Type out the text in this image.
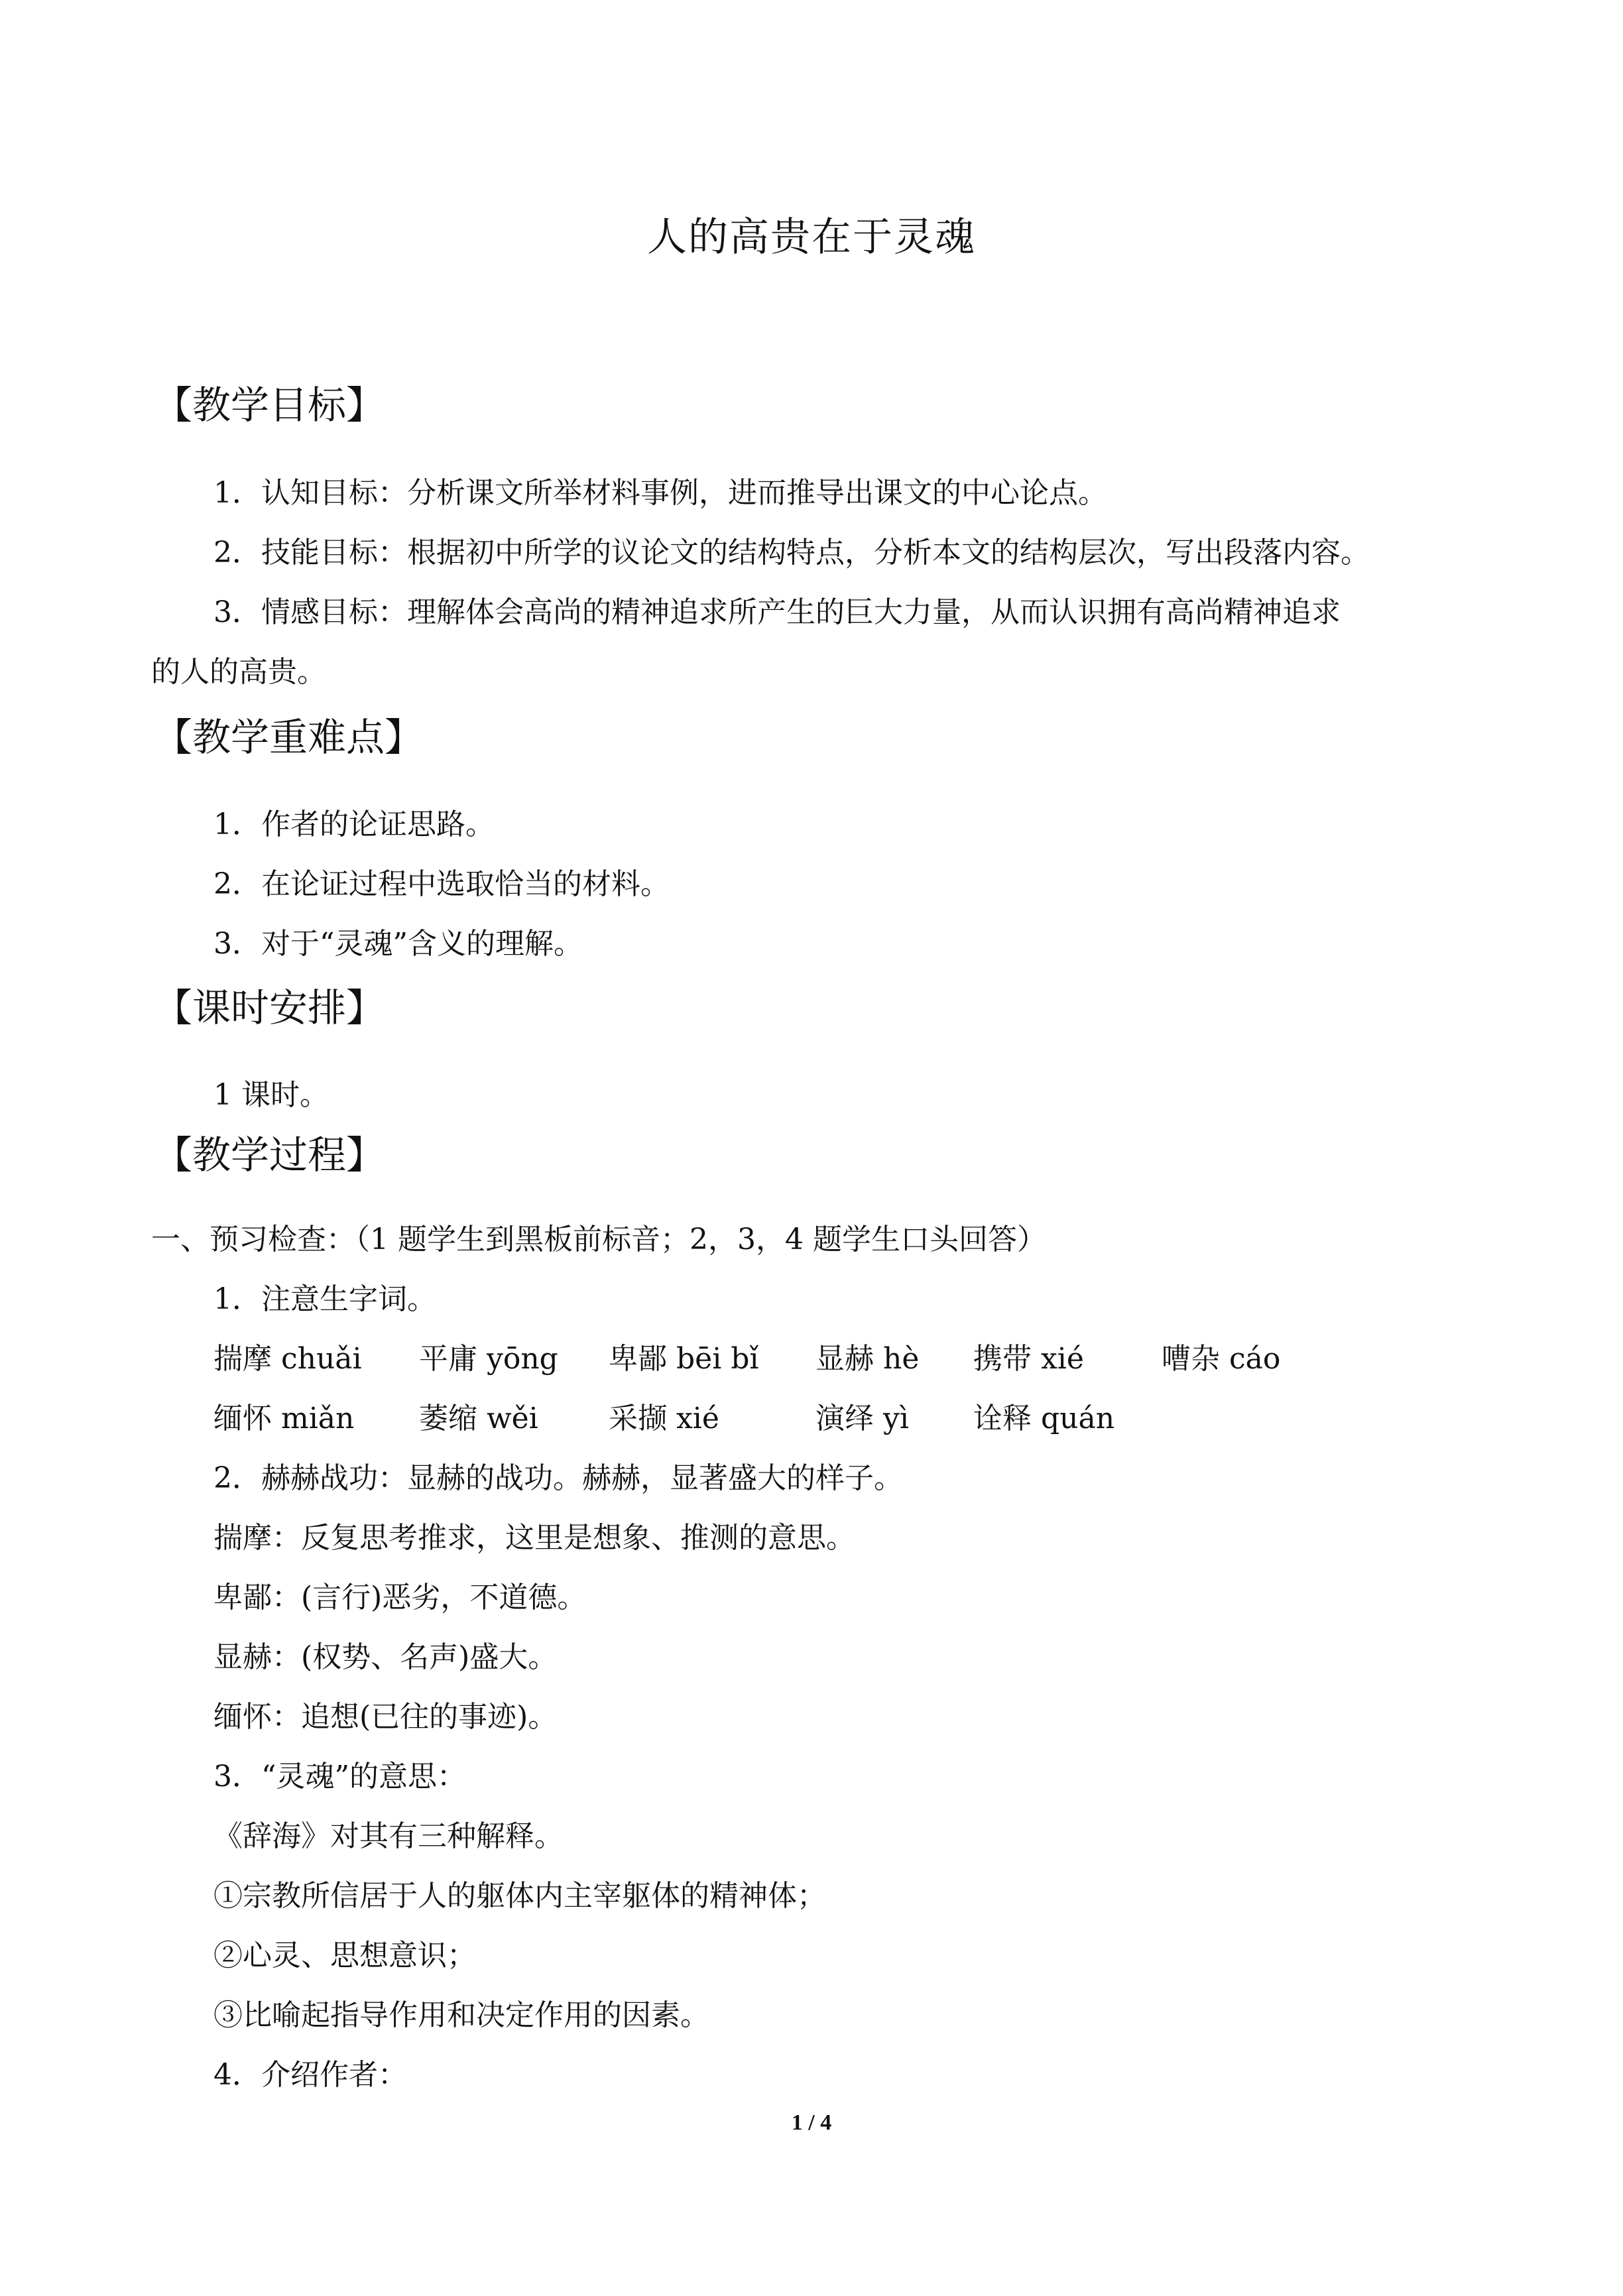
人的高贵在于灵魂
【教学目标】
1．认知目标：分析课文所举材料事例，进而推导出课文的中心论点。
2．技能目标：根据初中所学的议论文的结构特点，分析本文的结构层次，写出段落内容。
3．情感目标：理解体会高尚的精神追求所产生的巨大力量，从而认识拥有高尚精神追求
的人的高贵。
【教学重难点】
1．作者的论证思路。
2．在论证过程中选取恰当的材料。
3．对于“灵魂”含义的理解。
【课时安排】
1 课时。
【教学过程】
一、预习检查：（1 题学生到黑板前标音；2，3，4 题学生口头回答）
1．注意生字词。
揣摩 chuǎi 平庸 yōng 卑鄙 bēi bǐ 显赫 hè 携带 xié	嘈杂 cáo
缅怀 miǎn 萎缩 wěi 采撷 xié	演绎 yì 诠释 quán
2．赫赫战功：显赫的战功。赫赫，显著盛大的样子。
揣摩：反复思考推求，这里是想象、推测的意思。
卑鄙：(言行)恶劣，不道德。
显赫：(权势、名声)盛大。
缅怀：追想(已往的事迹)。
3．“灵魂”的意思：
《辞海》对其有三种解释。
①宗教所信居于人的躯体内主宰躯体的精神体；
②心灵、思想意识；
③比喻起指导作用和决定作用的因素。
4．介绍作者：
1 / 4
